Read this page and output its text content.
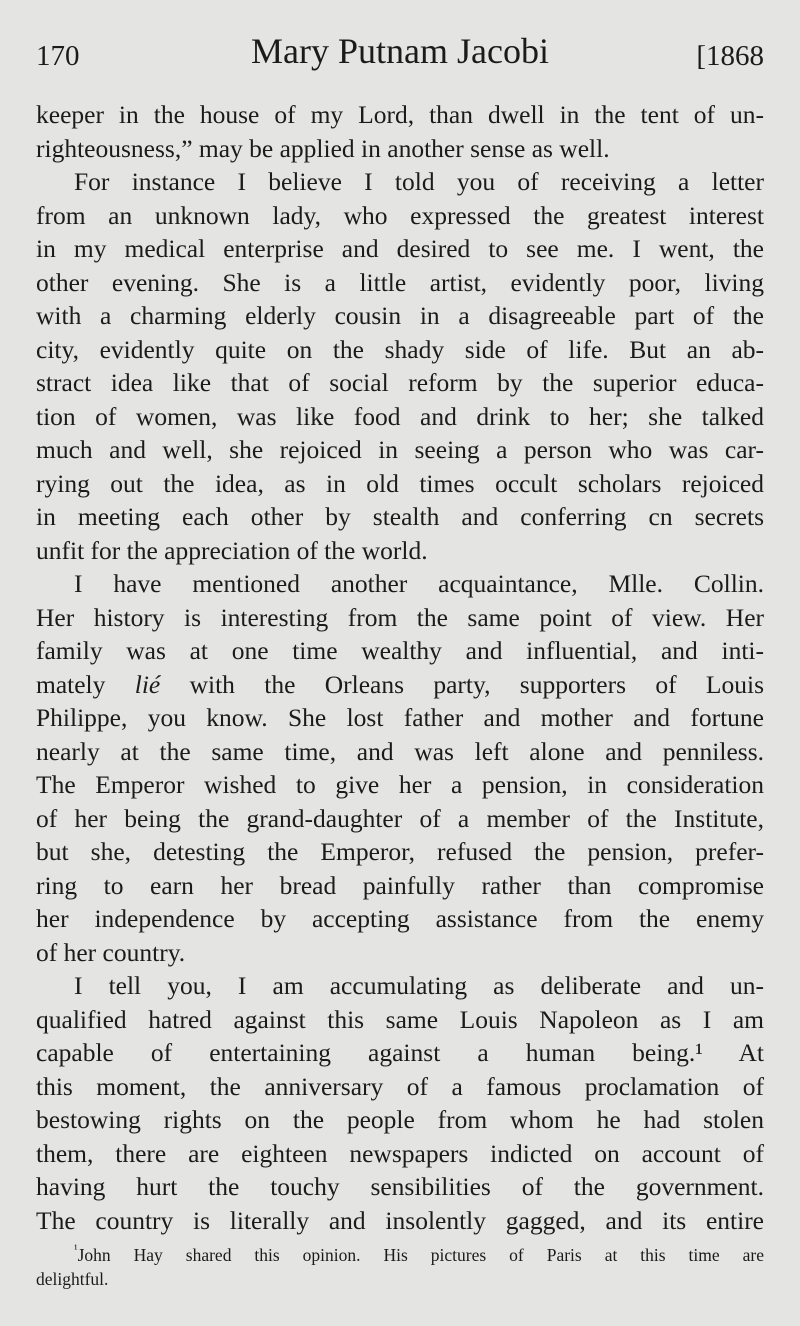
170	Mary Putnam Jacobi	[1868
keeper in the house of my Lord, than dwell in the tent of un-
righteousness,” may be applied in another sense as well.
For instance I believe I told you of receiving a letter
from an unknown lady, who expressed the greatest interest
in my medical enterprise and desired to see me. I went, the
other evening. She is a little artist, evidently poor, living
with a charming elderly cousin in a disagreeable part of the
city, evidently quite on the shady side of life. But an ab-
stract idea like that of social reform by the superior educa-
tion of women, was like food and drink to her; she talked
much and well, she rejoiced in seeing a person who was car-
rying out the idea, as in old times occult scholars rejoiced
in meeting each other by stealth and conferring cn secrets
unfit for the appreciation of the world.
I have mentioned another acquaintance, Mlle. Collin.
Her history is interesting from the same point of view. Her
family was at one time wealthy and influential, and inti-
mately lié with the Orleans party, supporters of Louis
Philippe, you know. She lost father and mother and fortune
nearly at the same time, and was left alone and penniless.
The Emperor wished to give her a pension, in consideration
of her being the grand-daughter of a member of the Institute,
but she, detesting the Emperor, refused the pension, prefer-
ring to earn her bread painfully rather than compromise
her independence by accepting assistance from the enemy
of her country.
I tell you, I am accumulating as deliberate and un-
qualified hatred against this same Louis Napoleon as I am
capable of entertaining against a human being.¹ At
this moment, the anniversary of a famous proclamation of
bestowing rights on the people from whom he had stolen
them, there are eighteen newspapers indicted on account of
having hurt the touchy sensibilities of the government.
The country is literally and insolently gagged, and its entire
$^{^1}$John Hay shared this opinion. His pictures of Paris at this time are
delightful.
